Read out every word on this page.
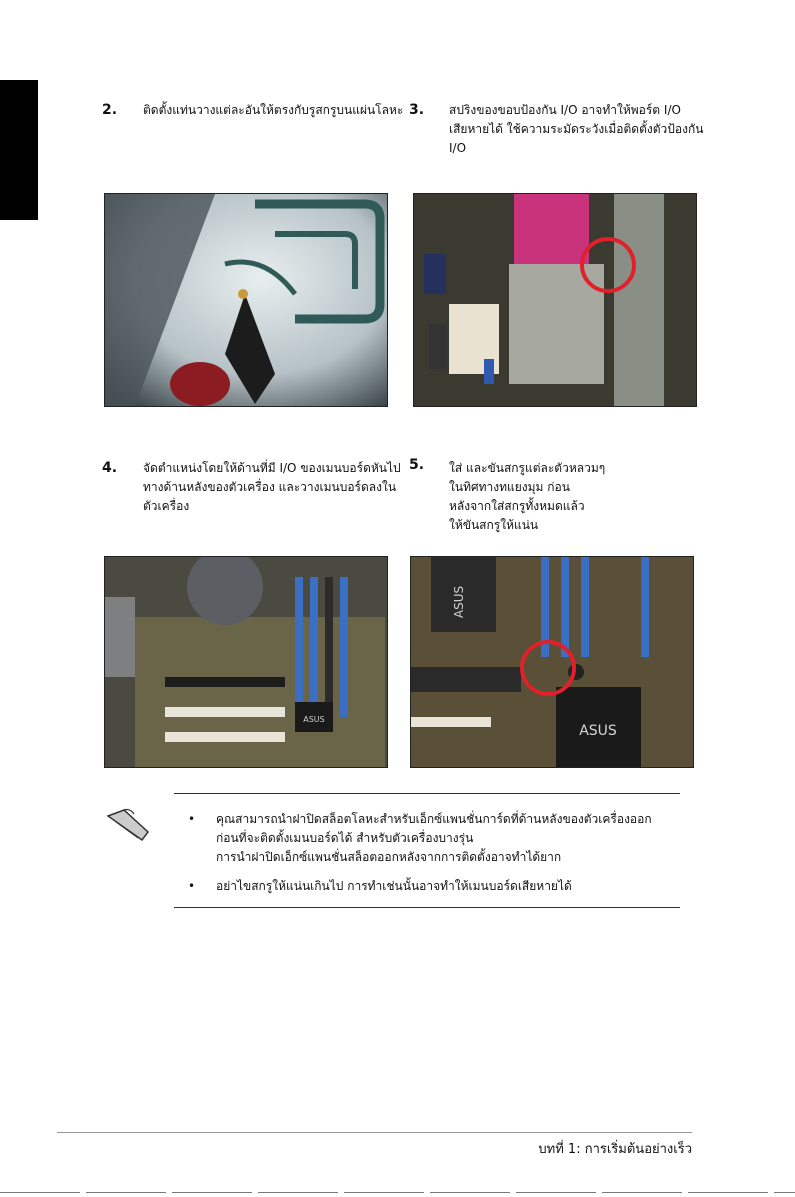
2. ติดตั้งแท่นวางแต่ละอันให้ตรงกับรูสกรูบนแผ่นโลหะ 3. สปริงของขอบป้องกัน I/O อาจทำให้พอร์ต I/O
เสียหายได้ ใช้ความระมัดระวังเมื่อติดตั้งตัวป้องกัน
I/O
4. จัดตำแหน่งโดยให้ด้านที่มี I/O ของเมนบอร์ดหันไป
ทางด้านหลังของตัวเครื่อง และวางเมนบอร์ดลงใน
ตัวเครื่อง
5. ใส่ และขันสกรูแต่ละตัวหลวมๆ
ในทิศทางทแยงมุม ก่อน
หลังจากใส่สกรูทั้งหมดแล้ว
ให้ขันสกรูให้แน่น
ASUS
ASUS
ASUS
• คุณสามารถนำฝาปิดสล็อตโลหะสำหรับเอ็กซ์แพนชั่นการ์ดที่ด้านหลังของตัวเครื่องออก
ก่อนที่จะติดตั้งเมนบอร์ดได้ สำหรับตัวเครื่องบางรุ่น
การนำฝาปิดเอ็กซ์แพนชั่นสล็อตออกหลังจากการติดตั้งอาจทำได้ยาก
• อย่าไขสกรูให้แน่นเกินไป การทำเช่นนั้นอาจทำให้เมนบอร์ดเสียหายได้
บทที่ 1: การเริ่มต้นอย่างเร็ว
